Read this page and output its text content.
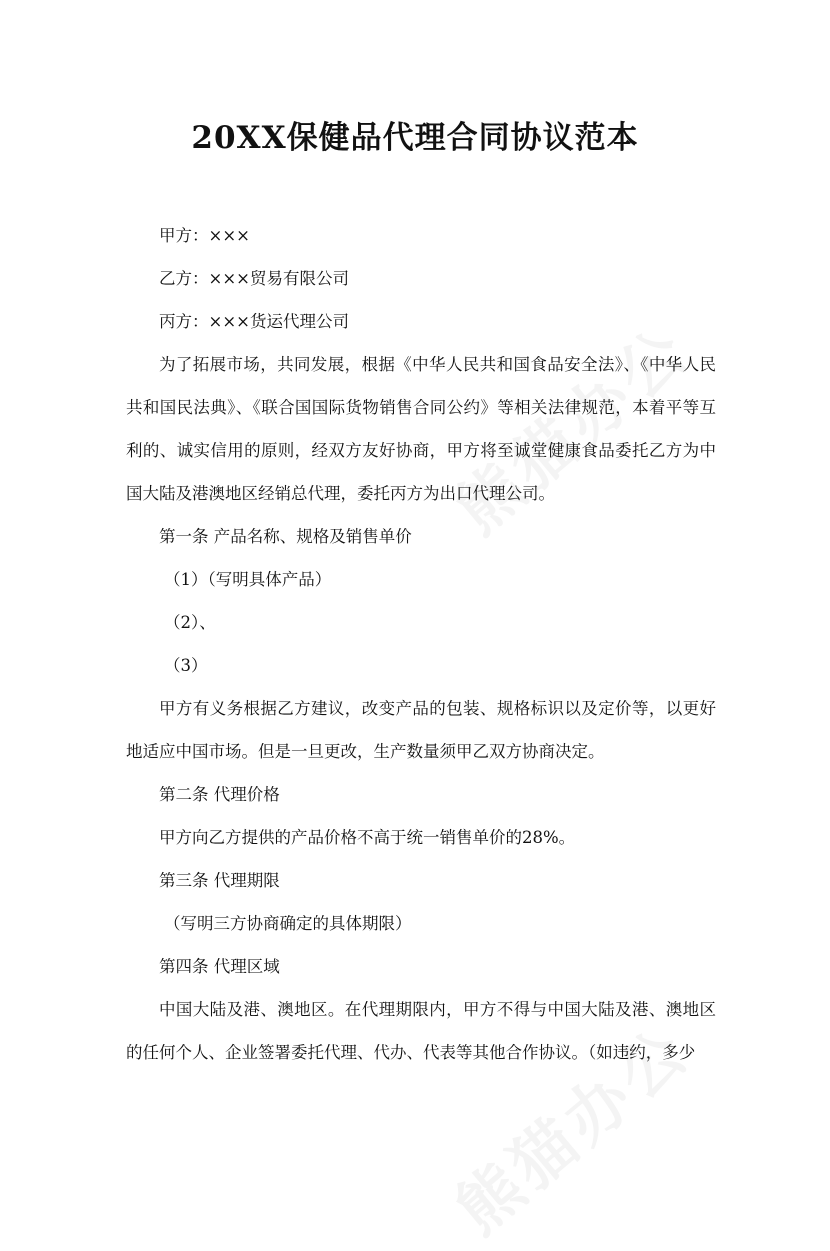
20XX保健品代理合同协议范本

甲方：×××

乙方：×××贸易有限公司

丙方：×××货运代理公司

为了拓展市场，共同发展，根据《中华人民共和国食品安全法》、《中华人民共和国民法典》、《联合国国际货物销售合同公约》等相关法律规范，本着平等互利的、诚实信用的原则，经双方友好协商，甲方将至诚堂健康食品委托乙方为中国大陆及港澳地区经销总代理，委托丙方为出口代理公司。

第一条 产品名称、规格及销售单价

（1）（写明具体产品）

（2）、

（3）

甲方有义务根据乙方建议，改变产品的包装、规格标识以及定价等，以更好地适应中国市场。但是一旦更改，生产数量须甲乙双方协商决定。

第二条 代理价格

甲方向乙方提供的产品价格不高于统一销售单价的28%。

第三条 代理期限

（写明三方协商确定的具体期限）

第四条 代理区域

中国大陆及港、澳地区。在代理期限内，甲方不得与中国大陆及港、澳地区的任何个人、企业签署委托代理、代办、代表等其他合作协议。（如违约，多少
